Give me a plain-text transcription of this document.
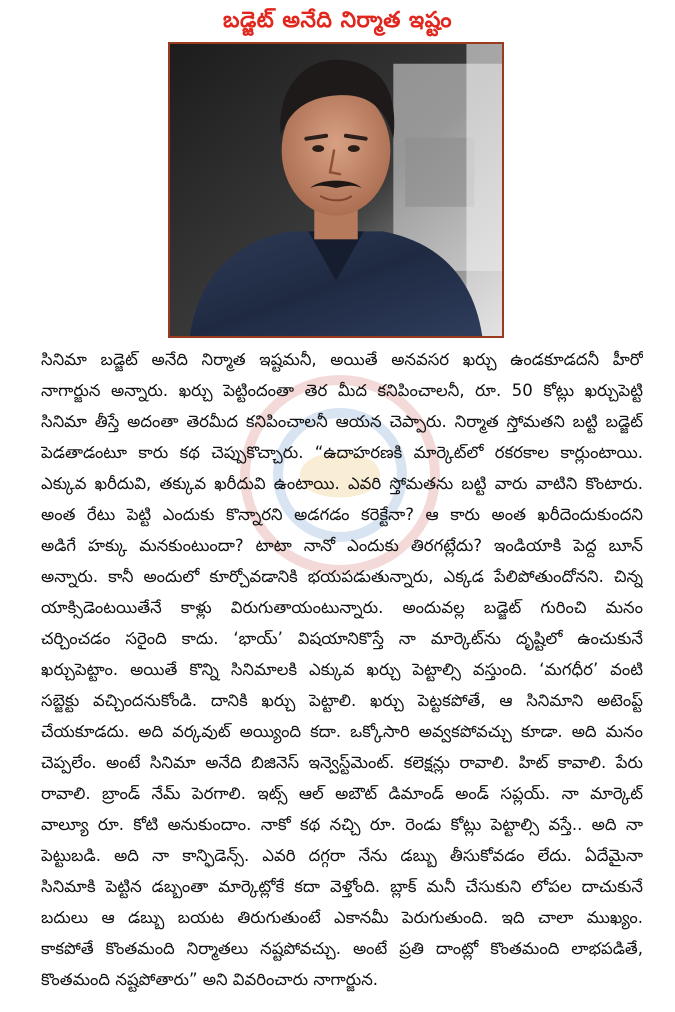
బడ్జెట్ అనేది నిర్మాత ఇష్టం
సినిమా బడ్జెట్ అనేది నిర్మాత ఇష్టమనీ, అయితే అనవసర ఖర్చు ఉండకూడదనీ హీరో
నాగార్జున అన్నారు. ఖర్చు పెట్టిందంతా తెర మీద కనిపించాలనీ, రూ. 50 కోట్లు ఖర్చుపెట్టి
సినిమా తీస్తే అదంతా తెరమీద కనిపించాలనీ ఆయన చెప్పారు. నిర్మాత స్తోమతని బట్టి బడ్జెట్
పెడతాడంటూ కారు కథ చెప్పుకొచ్చారు. “ఉదాహరణకి మార్కెట్‌లో రకరకాల కార్లుంటాయి.
ఎక్కువ ఖరీదువి, తక్కువ ఖరీదువి ఉంటాయి. ఎవరి స్తోమతను బట్టి వారు వాటిని కొంటారు.
అంత రేటు పెట్టి ఎందుకు కొన్నారని అడగడం కరెక్టేనా? ఆ కారు అంత ఖరీదెందుకుందని
అడిగే హక్కు మనకుంటుందా? టాటా నానో ఎందుకు తిరగట్లేదు? ఇండియాకి పెద్ద బూన్
అన్నారు. కానీ అందులో కూర్చోవడానికి భయపడుతున్నారు, ఎక్కడ పేలిపోతుందోనని. చిన్న
యాక్సిడెంటయితేనే కాళ్లు విరుగుతాయంటున్నారు. అందువల్ల బడ్జెట్ గురించి మనం
చర్చించడం సరైంది కాదు. ‘భాయ్’ విషయానికొస్తే నా మార్కెట్‌ను దృష్టిలో ఉంచుకునే
ఖర్చుపెట్టాం. అయితే కొన్ని సినిమాలకి ఎక్కువ ఖర్చు పెట్టాల్సి వస్తుంది. ‘మగధీర’ వంటి
సబ్జెక్టు వచ్చిందనుకోండి. దానికి ఖర్చు పెట్టాలి. ఖర్చు పెట్టకపోతే, ఆ సినిమాని అటెంప్ట్
చేయకూడదు. అది వర్కవుట్ అయ్యింది కదా. ఒక్కోసారి అవ్వకపోవచ్చు కూడా. అది మనం
చెప్పలేం. అంటే సినిమా అనేది బిజినెస్ ఇన్వెస్ట్‌మెంట్. కలెక్షన్లు రావాలి. హిట్ కావాలి. పేరు
రావాలి. బ్రాండ్ నేమ్ పెరగాలి. ఇట్స్ ఆల్ అబౌట్ డిమాండ్ అండ్ సప్లయ్. నా మార్కెట్
వాల్యూ రూ. కోటి అనుకుందాం. నాకో కథ నచ్చి రూ. రెండు కోట్లు పెట్టాల్సి వస్తే.. అది నా
పెట్టుబడి. అది నా కాన్ఫిడెన్స్. ఎవరి దగ్గరా నేను డబ్బు తీసుకోవడం లేదు. ఏదేమైనా
సినిమాకి పెట్టిన డబ్బంతా మార్కెట్లోకే కదా వెళ్తోంది. బ్లాక్ మనీ చేసుకుని లోపల దాచుకునే
బదులు ఆ డబ్బు బయట తిరుగుతుంటే ఎకానమీ పెరుగుతుంది. ఇది చాలా ముఖ్యం.
కాకపోతే కొంతమంది నిర్మాతలు నష్టపోవచ్చు. అంటే ప్రతి దాంట్లో కొంతమంది లాభపడితే,
కొంతమంది నష్టపోతారు” అని వివరించారు నాగార్జున.
